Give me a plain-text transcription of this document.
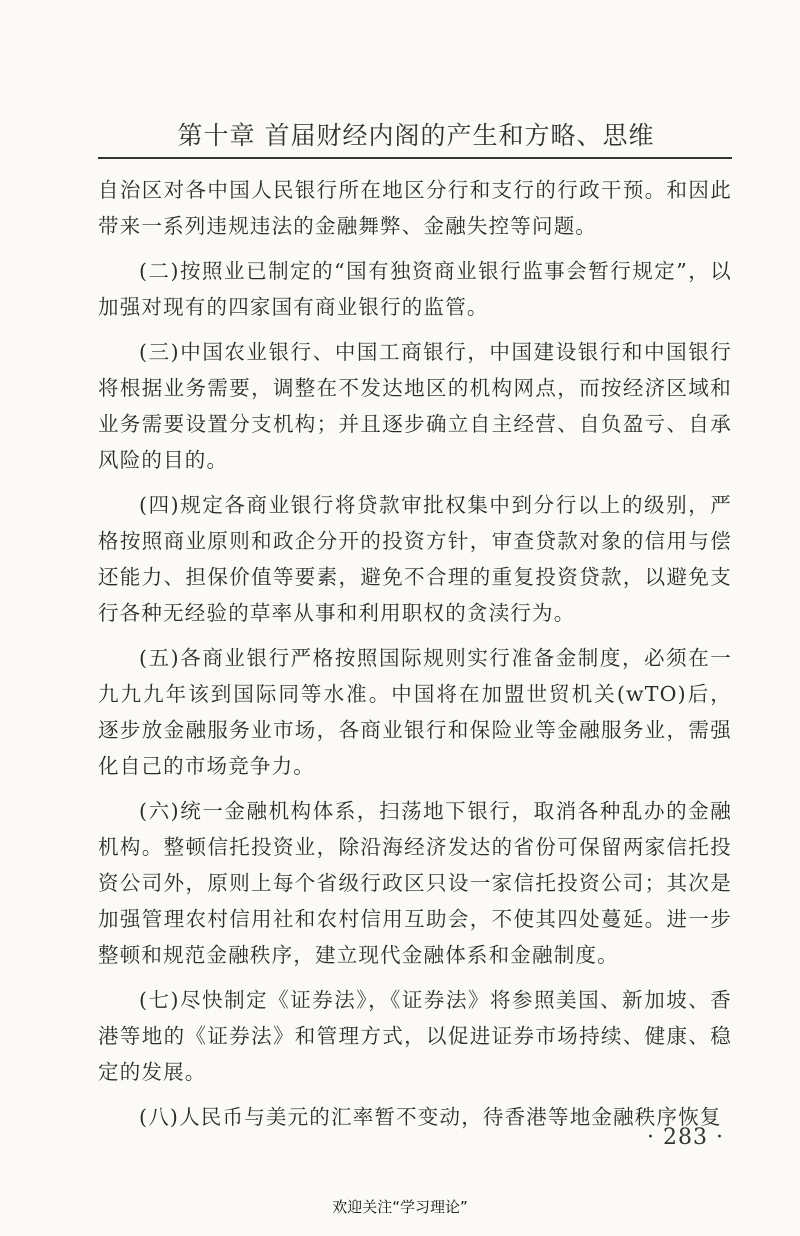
第十章 首届财经内阁的产生和方略、思维

自治区对各中国人民银行所在地区分行和支行的行政干预。和因此带来一系列违规违法的金融舞弊、金融失控等问题。

(二)按照业已制定的“国有独资商业银行监事会暂行规定”，以加强对现有的四家国有商业银行的监管。

(三)中国农业银行、中国工商银行，中国建设银行和中国银行将根据业务需要，调整在不发达地区的机构网点，而按经济区域和业务需要设置分支机构；并且逐步确立自主经营、自负盈亏、自承风险的目的。

(四)规定各商业银行将贷款审批权集中到分行以上的级别，严格按照商业原则和政企分开的投资方针，审查贷款对象的信用与偿还能力、担保价值等要素，避免不合理的重复投资贷款，以避免支行各种无经验的草率从事和利用职权的贪渎行为。

(五)各商业银行严格按照国际规则实行准备金制度，必须在一九九九年该到国际同等水准。中国将在加盟世贸机关(wTO)后，逐步放金融服务业市场，各商业银行和保险业等金融服务业，需强化自己的市场竞争力。

(六)统一金融机构体系，扫荡地下银行，取消各种乱办的金融机构。整顿信托投资业，除沿海经济发达的省份可保留两家信托投资公司外，原则上每个省级行政区只设一家信托投资公司；其次是加强管理农村信用社和农村信用互助会，不使其四处蔓延。进一步整顿和规范金融秩序，建立现代金融体系和金融制度。

(七)尽快制定《证券法》，《证券法》将参照美国、新加坡、香港等地的《证券法》和管理方式，以促进证券市场持续、健康、稳定的发展。

(八)人民币与美元的汇率暂不变动，待香港等地金融秩序恢复

· 283 ·
欢迎关注“学习理论”
